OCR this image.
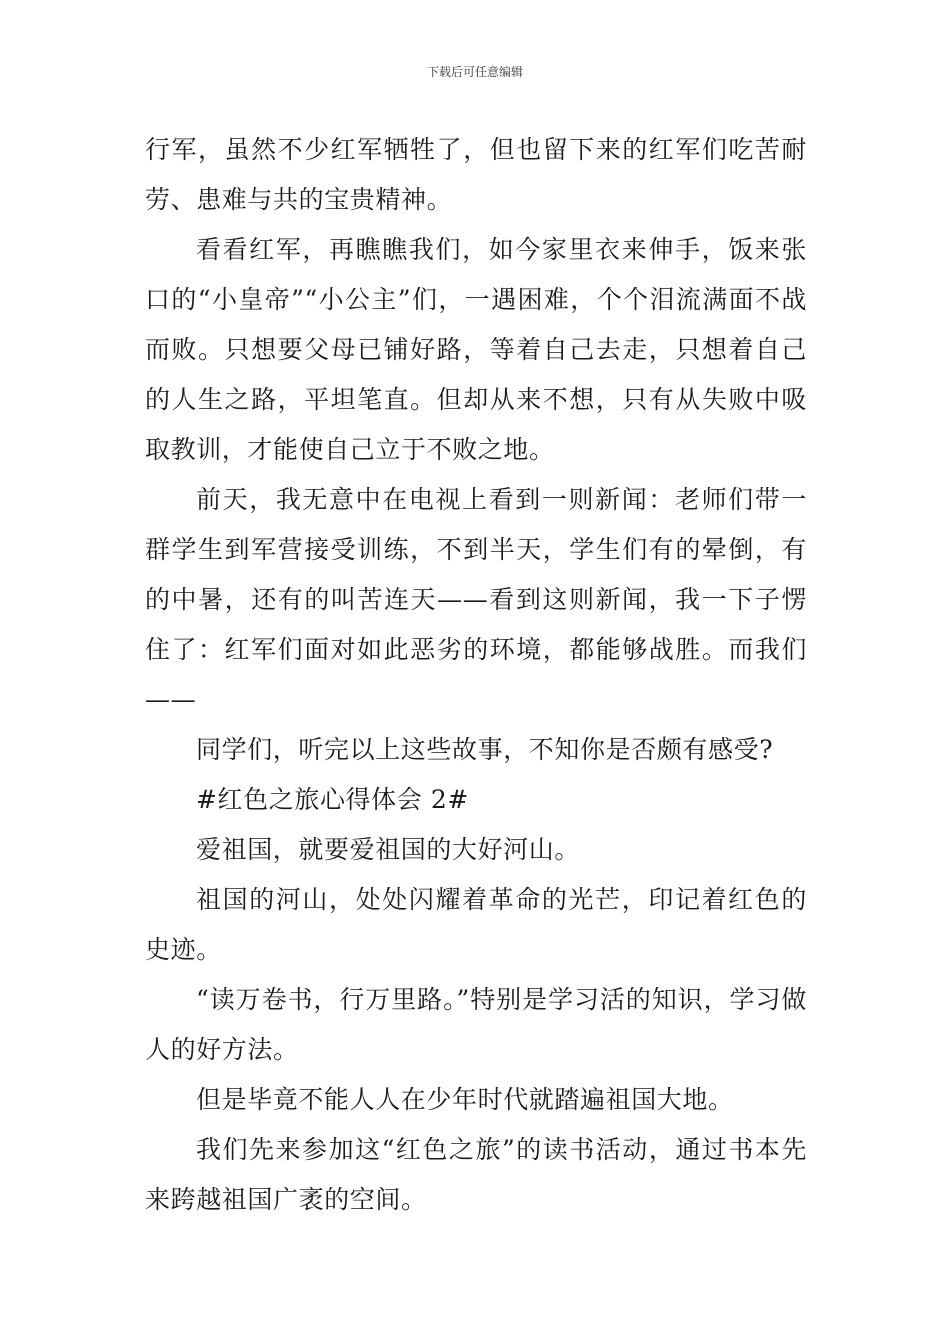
下载后可任意编辑

行军，虽然不少红军牺牲了，但也留下来的红军们吃苦耐劳、患难与共的宝贵精神。

看看红军，再瞧瞧我们，如今家里衣来伸手，饭来张口的“小皇帝”“小公主”们，一遇困难，个个泪流满面不战而败。只想要父母已铺好路，等着自己去走，只想着自己的人生之路，平坦笔直。但却从来不想，只有从失败中吸取教训，才能使自己立于不败之地。

前天，我无意中在电视上看到一则新闻：老师们带一群学生到军营接受训练，不到半天，学生们有的晕倒，有的中暑，还有的叫苦连天——看到这则新闻，我一下子愣住了：红军们面对如此恶劣的环境，都能够战胜。而我们——

同学们，听完以上这些故事，不知你是否颇有感受?

#红色之旅心得体会 2#

爱祖国，就要爱祖国的大好河山。

祖国的河山，处处闪耀着革命的光芒，印记着红色的史迹。

“读万卷书，行万里路。”特别是学习活的知识，学习做人的好方法。

但是毕竟不能人人在少年时代就踏遍祖国大地。

我们先来参加这“红色之旅”的读书活动，通过书本先来跨越祖国广袤的空间。
